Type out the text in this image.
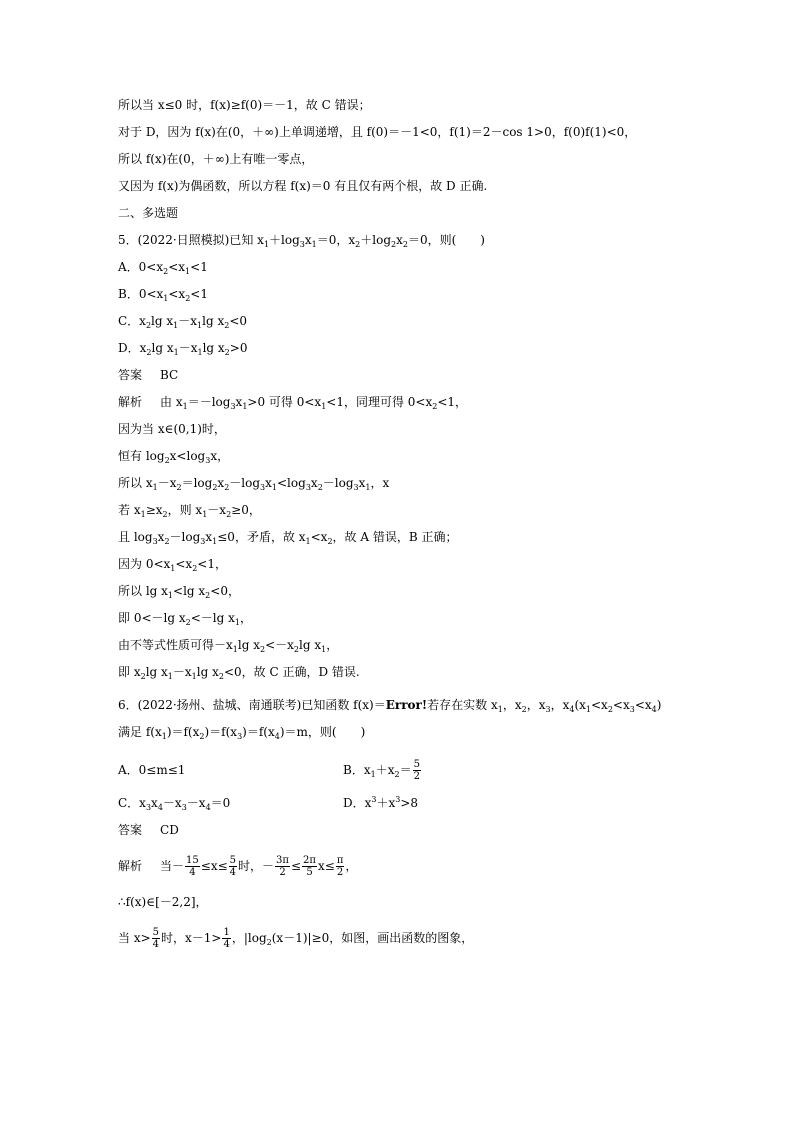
所以当 x≤0 时，f(x)≥f(0)＝－1，故 C 错误；
对于 D，因为 f(x)在(0，＋∞)上单调递增，且 f(0)＝－1<0，f(1)＝2－cos 1>0，f(0)f(1)<0，
所以 f(x)在(0，＋∞)上有唯一零点，
又因为 f(x)为偶函数，所以方程 f(x)＝0 有且仅有两个根，故 D 正确.
二、多选题
5．(2022·日照模拟)已知 $x_1+\log_3x_1=0$，$x_2+\log_2x_2=0$，则(　　)
A．$0<x_2<x_1<1$
B．$0<x_1<x_2<1$
C．$x_2\lg$ $x_1-x_1\lg$ $x_2<0$
D．$x_2\lg$ $x_1-x_1\lg$ $x_2>0$
答案 BC
解析 由 $x_1=-\log_3x_1>0$ 可得 $0<x_1<1$，同理可得 $0<x_2<1$，
因为当 x∈(0,1)时，
恒有 $\log_2x<\log_3x$，
所以 $x_1-x_2=\log_2x_2-\log_3x_1<\log_3x_2-\log_3x_1$，x
若 $x_1\ge x_2$，则 $x_1-x_2\ge 0$，
且 $\log_3x_2-\log_3x_1\le 0$，矛盾，故 $x_1<x_2$，故 A 错误，B 正确；
因为 $0<x_1<x_2<1$，
所以 $\lg x_1<\lg$ $x_2<0$，
即 0<－lg $x_2<-\lg$ $x_1$，
由不等式性质可得$-x_1\lg$ $x_2<-x_2\lg$ $x_1$，
即 $x_2\lg$ $x_1-x_1\lg$ $x_2<0$，故 C 正确，D 错误.
6．(2022·扬州、盐城、南通联考)已知函数 f(x)＝Error!若存在实数 $x_1$，$x_2$，$x_3$，$x_4(x_1<x_2<x_3<x_4)$
满足 $f(x_1)=f(x_2)=f(x_3)=f(x_4)=m$，则(　　)
A．0≤m≤1	B．$x_1+x_2= \frac{5}{2}$
C．$x_3x_4-x_3-x_4=0$	D．$x^3+x^3>8$
答案 CD
解析 当－ $\frac{15}{4} \le x\le \frac{5}{4}$ 时，－ $\frac{3\pi}{2} \le \frac{2\pi}{5} x\le \frac{\pi}{2}$ ，
∴f(x)∈[－2,2]，
当 $x> \frac{5}{4}$ 时，$x-1> \frac{1}{4}$ ，$|\log_2(x-1)|\ge 0$，如图，画出函数的图象，
